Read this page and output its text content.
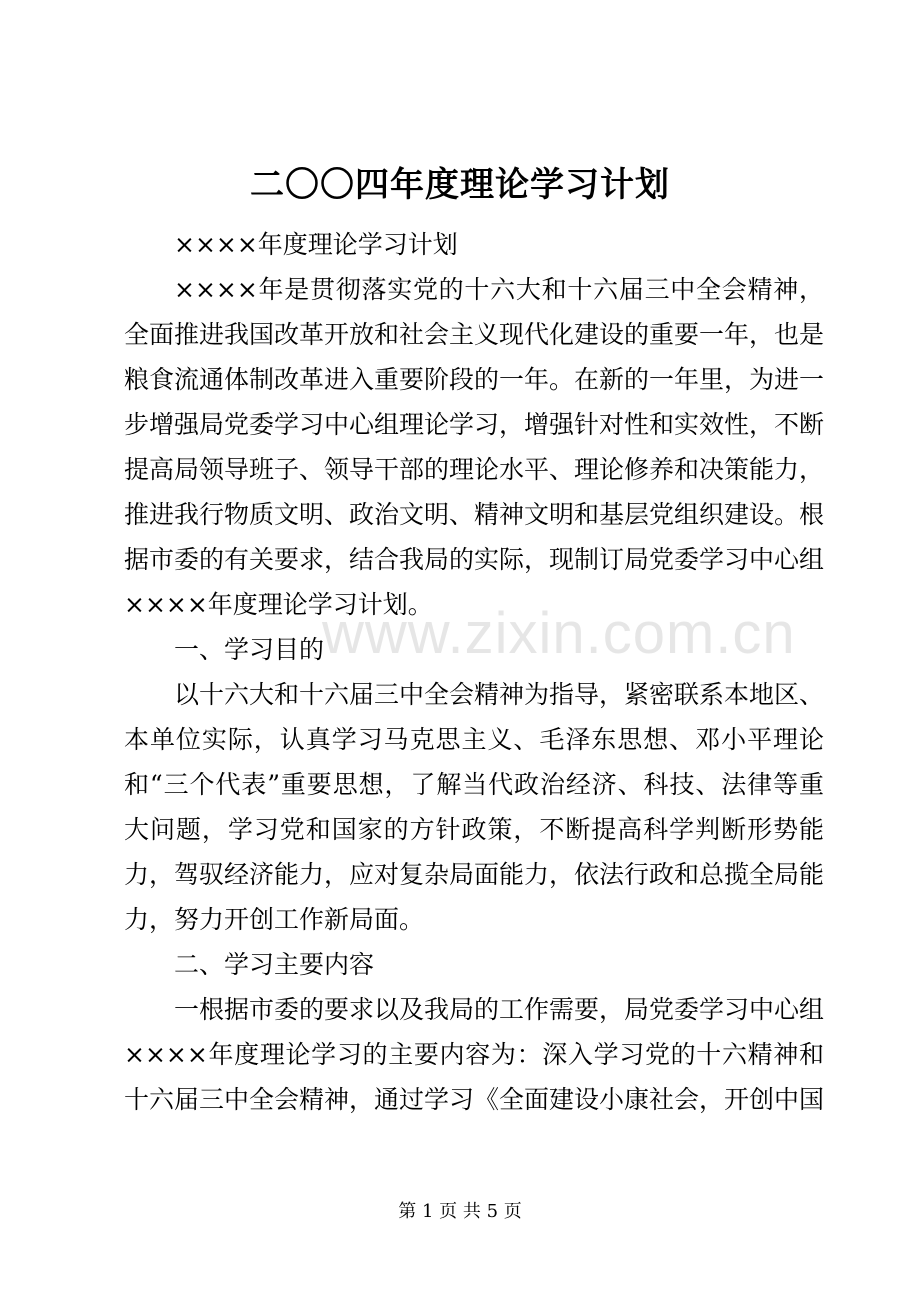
二〇〇四年度理论学习计划

××××年度理论学习计划

××××年是贯彻落实党的十六大和十六届三中全会精神，全面推进我国改革开放和社会主义现代化建设的重要一年，也是粮食流通体制改革进入重要阶段的一年。在新的一年里，为进一步增强局党委学习中心组理论学习，增强针对性和实效性，不断提高局领导班子、领导干部的理论水平、理论修养和决策能力，推进我行物质文明、政治文明、精神文明和基层党组织建设。根据市委的有关要求，结合我局的实际，现制订局党委学习中心组××××年度理论学习计划。

一、学习目的

以十六大和十六届三中全会精神为指导，紧密联系本地区、本单位实际，认真学习马克思主义、毛泽东思想、邓小平理论和“三个代表”重要思想，了解当代政治经济、科技、法律等重大问题，学习党和国家的方针政策，不断提高科学判断形势能力，驾驭经济能力，应对复杂局面能力，依法行政和总揽全局能力，努力开创工作新局面。

二、学习主要内容

一根据市委的要求以及我局的工作需要，局党委学习中心组××××年度理论学习的主要内容为：深入学习党的十六精神和十六届三中全会精神，通过学习《全面建设小康社会，开创中国

www.zixin.com.cn
第 1 页 共 5 页
